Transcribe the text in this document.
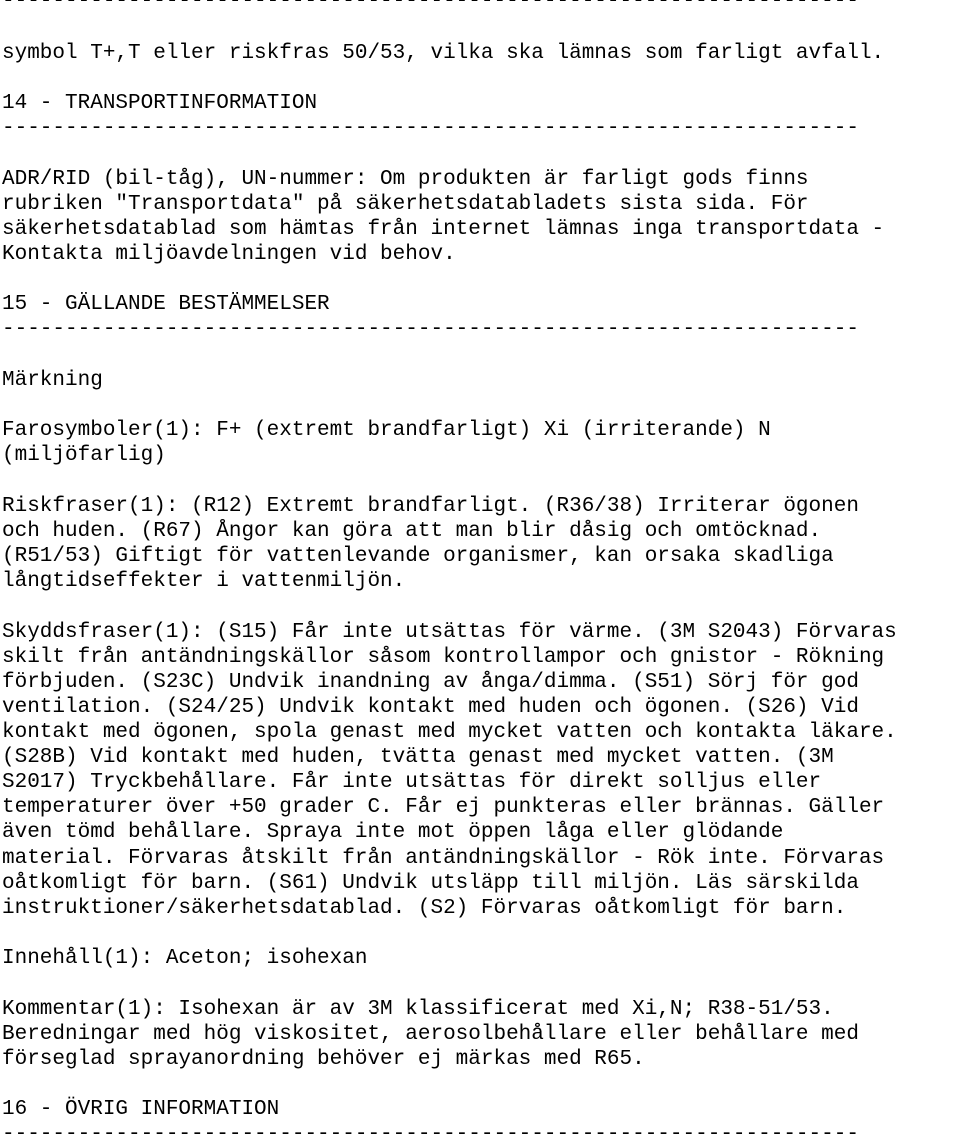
--------------------------------------------------------------------
symbol T+,T eller riskfras 50/53, vilka ska lämnas som farligt avfall.
14 - TRANSPORTINFORMATION
--------------------------------------------------------------------
ADR/RID (bil-tåg), UN-nummer: Om produkten är farligt gods finns
rubriken "Transportdata" på säkerhetsdatabladets sista sida. För
säkerhetsdatablad som hämtas från internet lämnas inga transportdata -
Kontakta miljöavdelningen vid behov.
15 - GÄLLANDE BESTÄMMELSER
--------------------------------------------------------------------
Märkning
Farosymboler(1): F+ (extremt brandfarligt) Xi (irriterande) N
(miljöfarlig)
Riskfraser(1): (R12) Extremt brandfarligt. (R36/38) Irriterar ögonen
och huden. (R67) Ångor kan göra att man blir dåsig och omtöcknad.
(R51/53) Giftigt för vattenlevande organismer, kan orsaka skadliga
långtidseffekter i vattenmiljön.
Skyddsfraser(1): (S15) Får inte utsättas för värme. (3M S2043) Förvaras
skilt från antändningskällor såsom kontrollampor och gnistor - Rökning
förbjuden. (S23C) Undvik inandning av ånga/dimma. (S51) Sörj för god
ventilation. (S24/25) Undvik kontakt med huden och ögonen. (S26) Vid
kontakt med ögonen, spola genast med mycket vatten och kontakta läkare.
(S28B) Vid kontakt med huden, tvätta genast med mycket vatten. (3M
S2017) Tryckbehållare. Får inte utsättas för direkt solljus eller
temperaturer över +50 grader C. Får ej punkteras eller brännas. Gäller
även tömd behållare. Spraya inte mot öppen låga eller glödande
material. Förvaras åtskilt från antändningskällor - Rök inte. Förvaras
oåtkomligt för barn. (S61) Undvik utsläpp till miljön. Läs särskilda
instruktioner/säkerhetsdatablad. (S2) Förvaras oåtkomligt för barn.
Innehåll(1): Aceton; isohexan
Kommentar(1): Isohexan är av 3M klassificerat med Xi,N; R38-51/53.
Beredningar med hög viskositet, aerosolbehållare eller behållare med
förseglad sprayanordning behöver ej märkas med R65.
16 - ÖVRIG INFORMATION
--------------------------------------------------------------------
